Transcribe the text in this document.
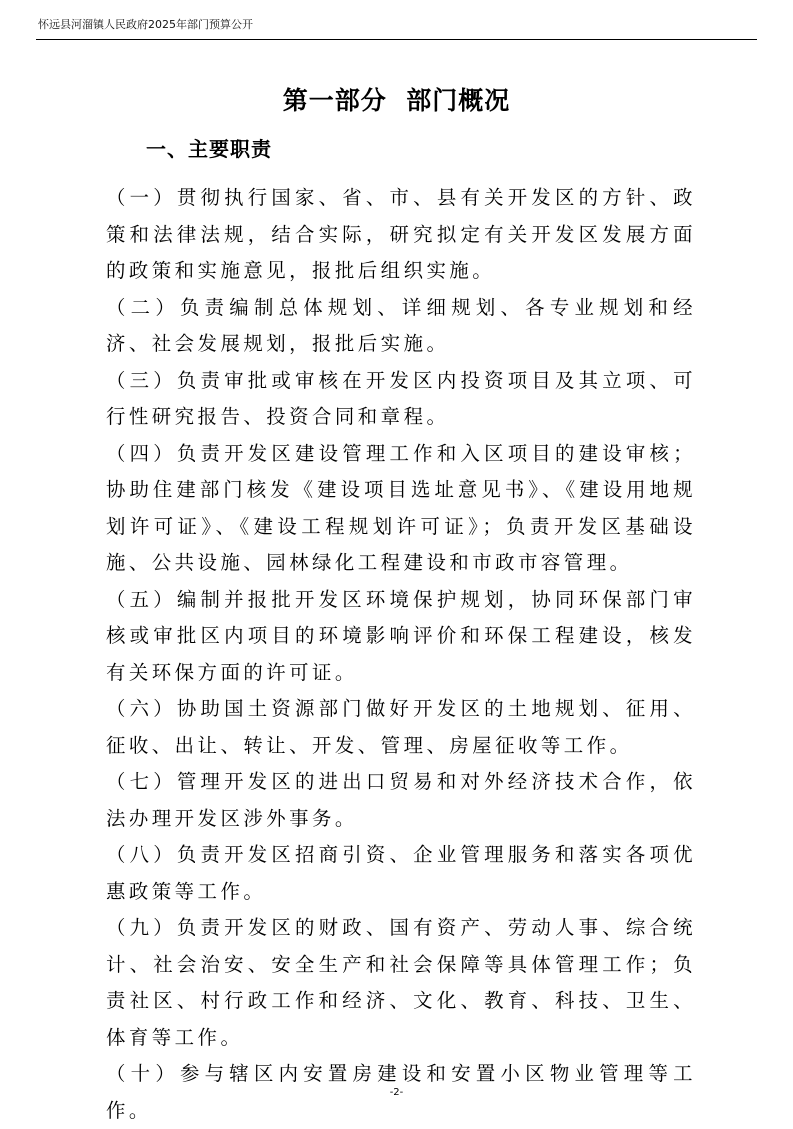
怀远县河溜镇人民政府2025年部门预算公开
第一部分  部门概况
一、主要职责

（一）贯彻执行国家、省、市、县有关开发区的方针、政策和法律法规，结合实际，研究拟定有关开发区发展方面的政策和实施意见，报批后组织实施。

（二）负责编制总体规划、详细规划、各专业规划和经济、社会发展规划，报批后实施。

（三）负责审批或审核在开发区内投资项目及其立项、可行性研究报告、投资合同和章程。

（四）负责开发区建设管理工作和入区项目的建设审核；协助住建部门核发《建设项目选址意见书》、《建设用地规划许可证》、《建设工程规划许可证》；负责开发区基础设施、公共设施、园林绿化工程建设和市政市容管理。

（五）编制并报批开发区环境保护规划，协同环保部门审核或审批区内项目的环境影响评价和环保工程建设，核发有关环保方面的许可证。

（六）协助国土资源部门做好开发区的土地规划、征用、征收、出让、转让、开发、管理、房屋征收等工作。

（七）管理开发区的进出口贸易和对外经济技术合作，依法办理开发区涉外事务。

（八）负责开发区招商引资、企业管理服务和落实各项优惠政策等工作。

（九）负责开发区的财政、国有资产、劳动人事、综合统计、社会治安、安全生产和社会保障等具体管理工作；负责社区、村行政工作和经济、文化、教育、科技、卫生、体育等工作。

（十）参与辖区内安置房建设和安置小区物业管理等工作。

-2-
